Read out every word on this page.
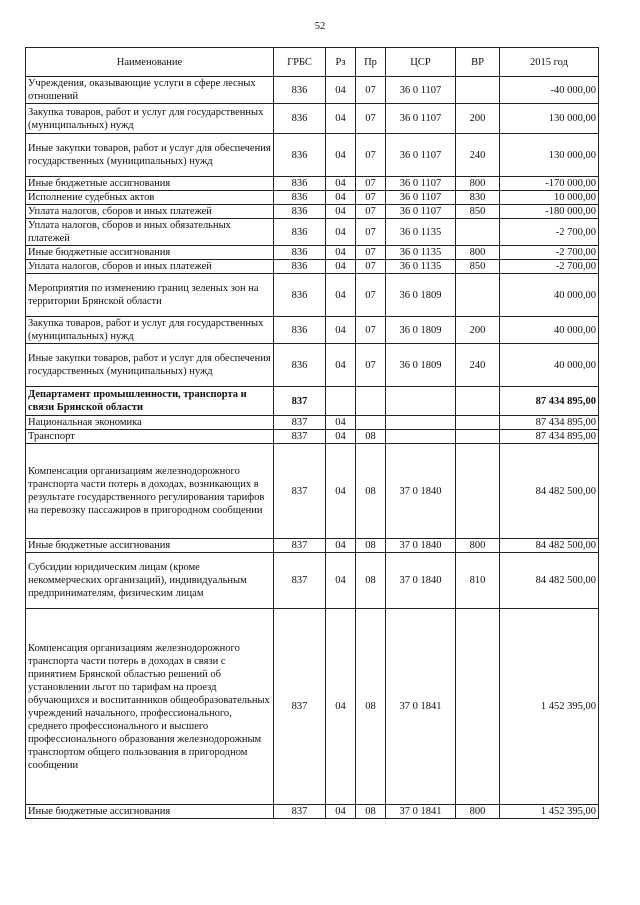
52
Наименование	ГРБС	Рз	Пр	ЦСР	ВР	2015 год
Учреждения, оказывающие услуги в сфере лесных отношений	836	04	07	36 0 1107		-40 000,00
Закупка товаров, работ и услуг для государственных (муниципальных) нужд	836	04	07	36 0 1107	200	130 000,00
Иные закупки товаров, работ и услуг для обеспечения государственных (муниципальных) нужд	836	04	07	36 0 1107	240	130 000,00
Иные бюджетные ассигнования	836	04	07	36 0 1107	800	-170 000,00
Исполнение судебных актов	836	04	07	36 0 1107	830	10 000,00
Уплата налогов, сборов и иных платежей	836	04	07	36 0 1107	850	-180 000,00
Уплата налогов, сборов и иных обязательных платежей	836	04	07	36 0 1135		-2 700,00
Иные бюджетные ассигнования	836	04	07	36 0 1135	800	-2 700,00
Уплата налогов, сборов и иных платежей	836	04	07	36 0 1135	850	-2 700,00
Мероприятия по изменению границ зеленых зон на территории Брянской области	836	04	07	36 0 1809		40 000,00
Закупка товаров, работ и услуг для государственных (муниципальных) нужд	836	04	07	36 0 1809	200	40 000,00
Иные закупки товаров, работ и услуг для обеспечения государственных (муниципальных) нужд	836	04	07	36 0 1809	240	40 000,00
Департамент промышленности, транспорта и связи Брянской области	837					87 434 895,00
Национальная экономика	837	04				87 434 895,00
Транспорт	837	04	08			87 434 895,00
Компенсация организациям железнодорожного транспорта части потерь в доходах, возникающих в результате государственного регулирования тарифов на перевозку пассажиров в пригородном сообщении	837	04	08	37 0 1840		84 482 500,00
Иные бюджетные ассигнования	837	04	08	37 0 1840	800	84 482 500,00
Субсидии юридическим лицам (кроме некоммерческих организаций), индивидуальным предпринимателям, физическим лицам	837	04	08	37 0 1840	810	84 482 500,00
Компенсация организациям железнодорожного транспорта части потерь в доходах в связи с принятием Брянской областью решений об установлении льгот по тарифам на проезд обучающихся и воспитанников общеобразовательных учреждений начального, профессионального, среднего профессионального и высшего профессионального образования железнодорожным транспортом общего пользования в пригородном сообщении	837	04	08	37 0 1841		1 452 395,00
Иные бюджетные ассигнования	837	04	08	37 0 1841	800	1 452 395,00
